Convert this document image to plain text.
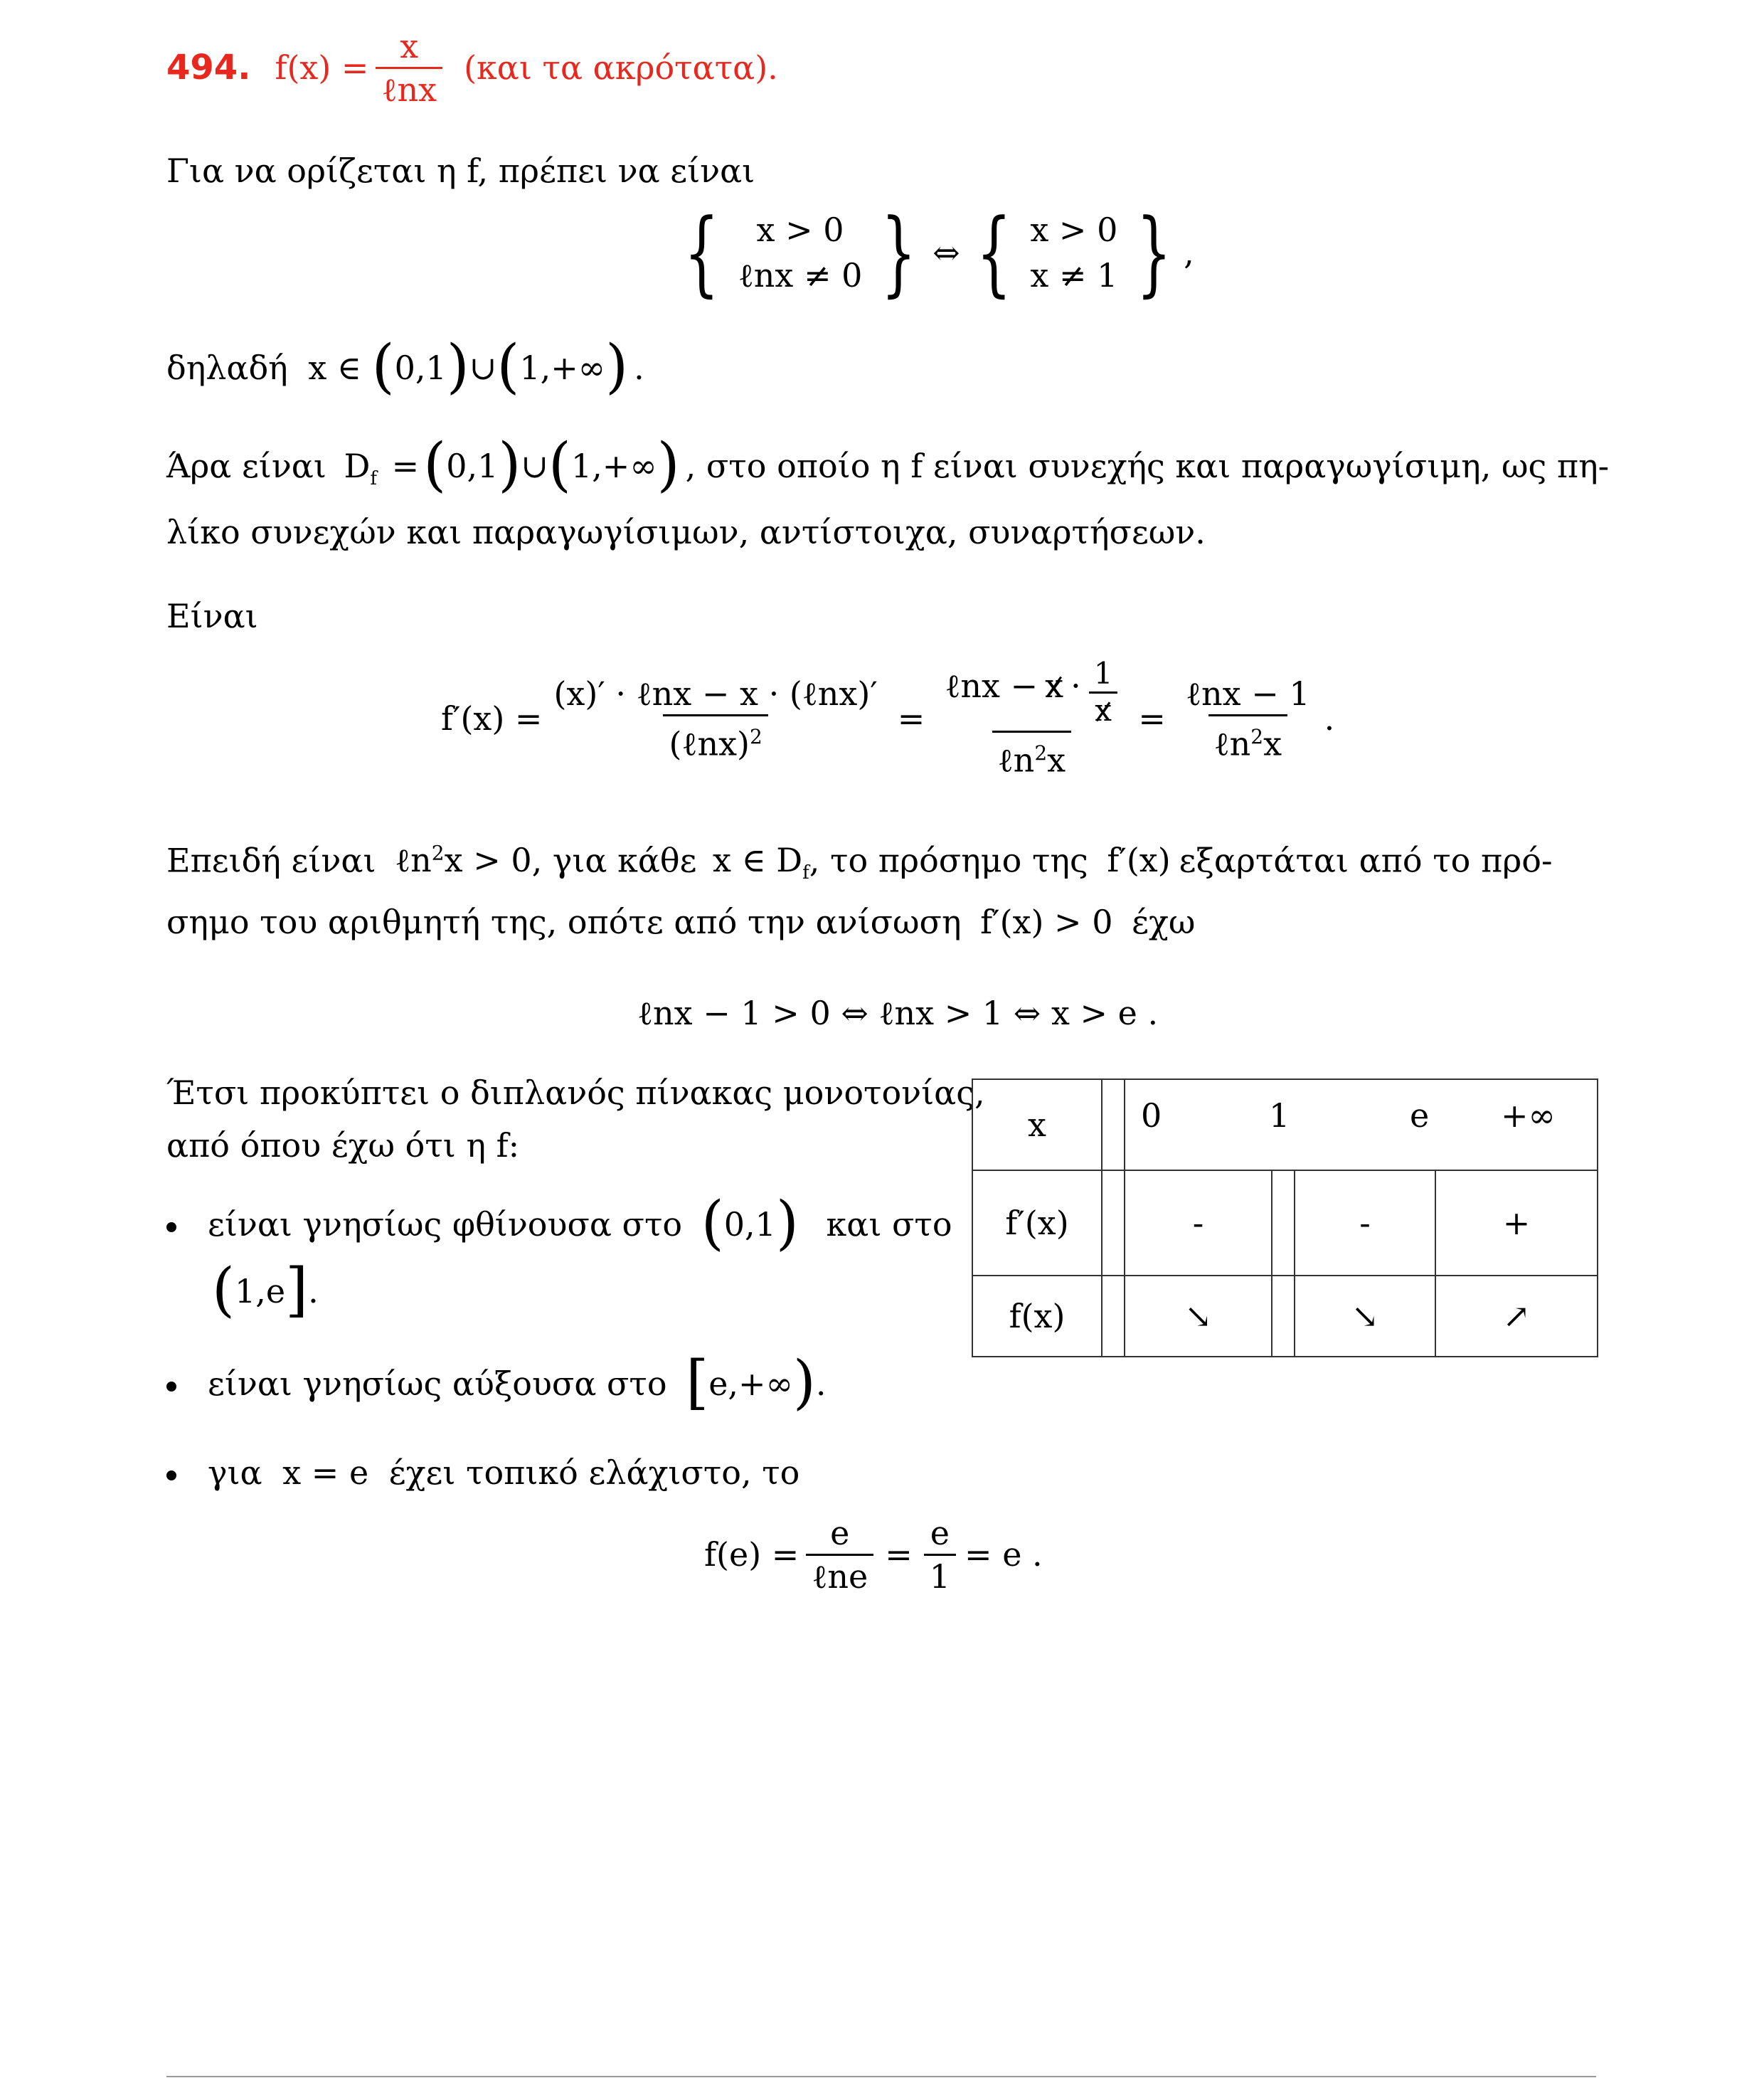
494. $f(x) = \frac{x}{\text{ℓnx}} (\kappa\alpha\iota$ τα ακρότατα).
Για να ορίζεται η f, πρέπει να είναι
{ x > 0
ℓnx ≠ 0 } ⇔ { x > 0
x ≠ 1 } ,
δηλαδή x ∈ (0,1)∪(1,+∞) .
Άρα είναι $D_f$ =(0,1)∪(1,+∞) , στο οποίο η f είναι συνεχής και παραγωγίσιμη, ως πη-
λίκο συνεχών και παραγωγίσιμων, αντίστοιχα, συναρτήσεων.
Είναι
$f'(x) = \frac{\text{(x)′ · ℓnx − x · (ℓnx)′}}{(\ell nx)^2} = \frac{\ell nx - x \cdot \frac{1}{x}}{\ell n^2x} = \frac{\text{ℓnx − 1}}{\ell n^2x}$ .
Επειδή είναι ℓn$^2$x > 0, για κάθε x ∈ $D_f$, το πρόσημο της f′(x) εξαρτάται από το πρό-
σημο του αριθμητή της, οπότε από την ανίσωση f′(x) > 0 έχω
ℓnx − 1 > 0 ⇔ ℓnx > 1 ⇔ x > e .
Έτσι προκύπτει ο διπλανός πίνακας μονοτονίας,
από όπου έχω ότι η f:
είναι γνησίως φθίνουσα στο (0,1) και στο
(1,e].
είναι γνησίως αύξουσα στο [e,+∞).
για x = e έχει τοπικό ελάχιστο, το
$f(e) = \frac{e}{\text{ℓne}} = \frac{e}{1} = e$ .
x		0 1 e +∞			

f′(x)		-		-	+
f(x)		↘		↘	↗
